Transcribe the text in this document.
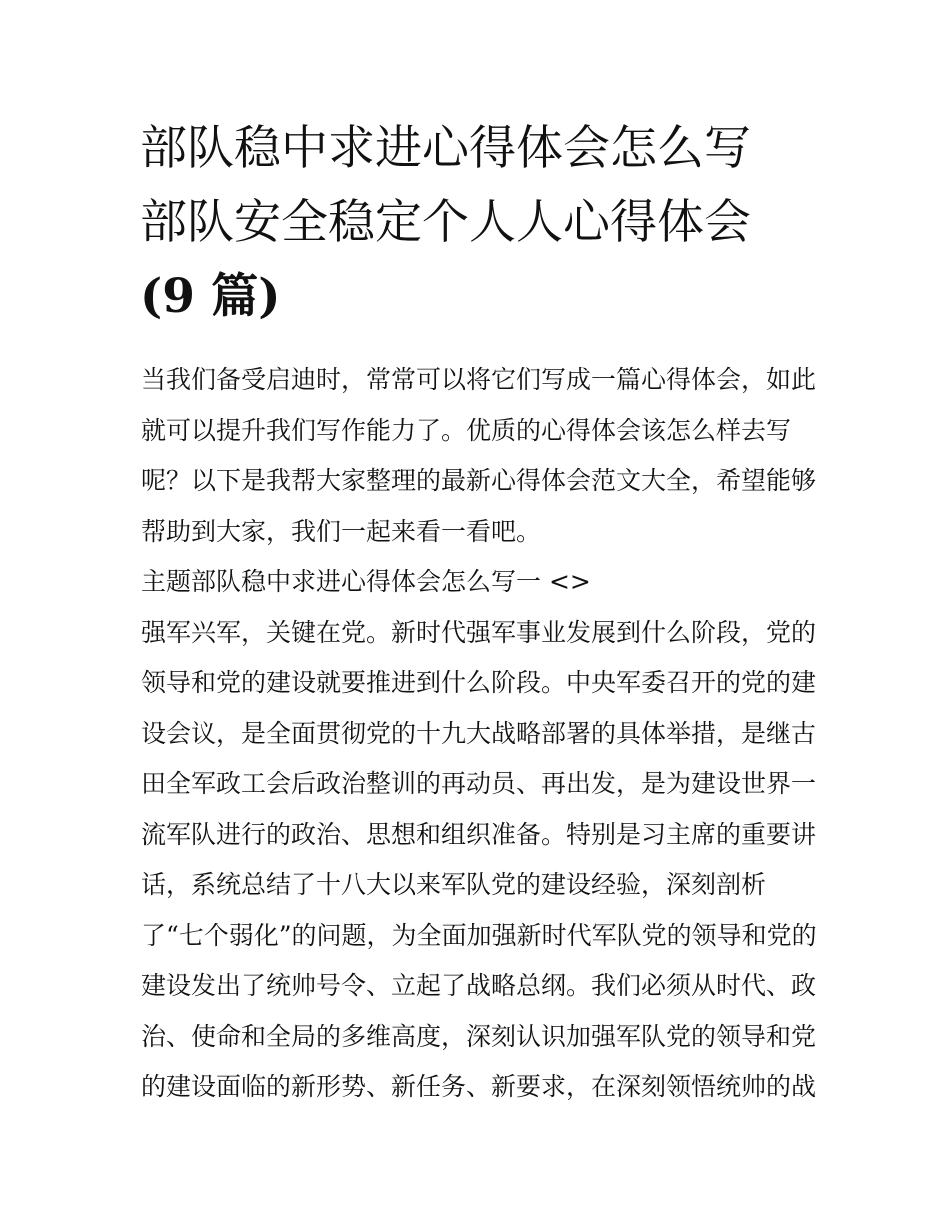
部队稳中求进心得体会怎么写
部队安全稳定个人人心得体会
(9 篇)
当我们备受启迪时，常常可以将它们写成一篇心得体会，如此
就可以提升我们写作能力了。优质的心得体会该怎么样去写
呢？以下是我帮大家整理的最新心得体会范文大全，希望能够
帮助到大家，我们一起来看一看吧。
主题部队稳中求进心得体会怎么写一 <>
强军兴军，关键在党。新时代强军事业发展到什么阶段，党的
领导和党的建设就要推进到什么阶段。中央军委召开的党的建
设会议，是全面贯彻党的十九大战略部署的具体举措，是继古
田全军政工会后政治整训的再动员、再出发，是为建设世界一
流军队进行的政治、思想和组织准备。特别是习主席的重要讲
话，系统总结了十八大以来军队党的建设经验，深刻剖析
了“七个弱化”的问题，为全面加强新时代军队党的领导和党的
建设发出了统帅号令、立起了战略总纲。我们必须从时代、政
治、使命和全局的多维高度，深刻认识加强军队党的领导和党
的建设面临的新形势、新任务、新要求，在深刻领悟统帅的战
